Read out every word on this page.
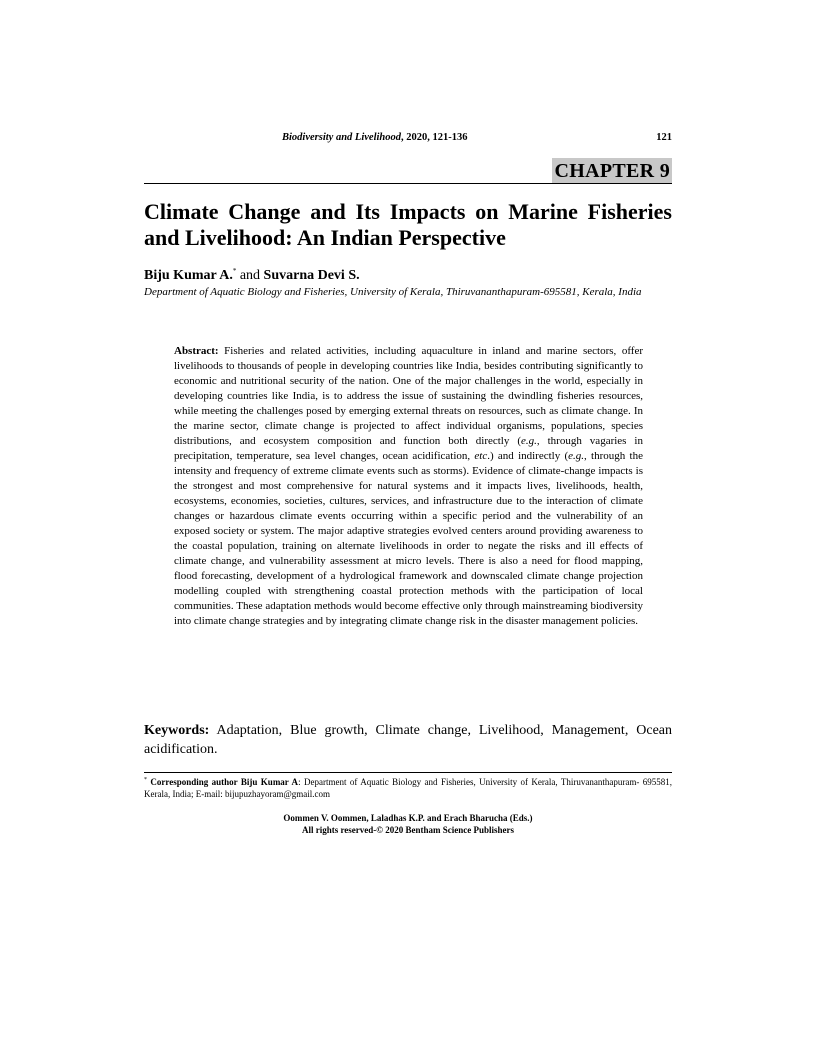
Biodiversity and Livelihood, 2020, 121-136	121
CHAPTER 9
Climate Change and Its Impacts on Marine Fisheries and Livelihood: An Indian Perspective
Biju Kumar A.* and Suvarna Devi S.
Department of Aquatic Biology and Fisheries, University of Kerala, Thiruvananthapuram-695581, Kerala, India
Abstract: Fisheries and related activities, including aquaculture in inland and marine sectors, offer livelihoods to thousands of people in developing countries like India, besides contributing significantly to economic and nutritional security of the nation. One of the major challenges in the world, especially in developing countries like India, is to address the issue of sustaining the dwindling fisheries resources, while meeting the challenges posed by emerging external threats on resources, such as climate change. In the marine sector, climate change is projected to affect individual organisms, populations, species distributions, and ecosystem composition and function both directly (e.g., through vagaries in precipitation, temperature, sea level changes, ocean acidification, etc.) and indirectly (e.g., through the intensity and frequency of extreme climate events such as storms). Evidence of climate-change impacts is the strongest and most comprehensive for natural systems and it impacts lives, livelihoods, health, ecosystems, economies, societies, cultures, services, and infrastructure due to the interaction of climate changes or hazardous climate events occurring within a specific period and the vulnerability of an exposed society or system. The major adaptive strategies evolved centers around providing awareness to the coastal population, training on alternate livelihoods in order to negate the risks and ill effects of climate change, and vulnerability assessment at micro levels. There is also a need for flood mapping, flood forecasting, development of a hydrological framework and downscaled climate change projection modelling coupled with strengthening coastal protection methods with the participation of local communities. These adaptation methods would become effective only through mainstreaming biodiversity into climate change strategies and by integrating climate change risk in the disaster management policies.
Keywords: Adaptation, Blue growth, Climate change, Livelihood, Management, Ocean acidification.
* Corresponding author Biju Kumar A: Department of Aquatic Biology and Fisheries, University of Kerala, Thiruvananthapuram- 695581, Kerala, India; E-mail: bijupuzhayoram@gmail.com
Oommen V. Oommen, Laladhas K.P. and Erach Bharucha (Eds.)
All rights reserved-© 2020 Bentham Science Publishers
